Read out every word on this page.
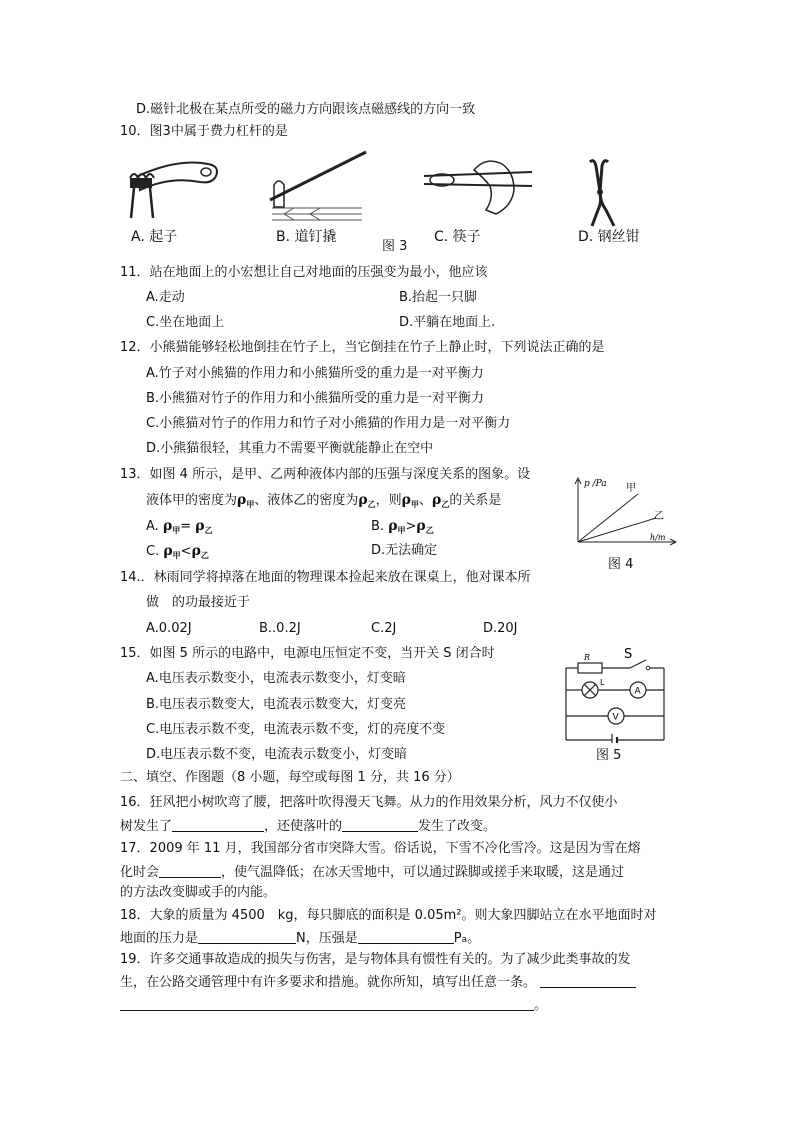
D.磁针北极在某点所受的磁力方向跟该点磁感线的方向一致
10．图3中属于费力杠杆的是
A. 起子	B. 道钉撬
图 3
C. 筷子	D. 钢丝钳
11．站在地面上的小宏想让自己对地面的压强变为最小，他应该
A.走动	B.抬起一只脚
C.坐在地面上	D.平躺在地面上.
12．小熊猫能够轻松地倒挂在竹子上，当它倒挂在竹子上静止时，下列说法正确的是
A.竹子对小熊猫的作用力和小熊猫所受的重力是一对平衡力
B.小熊猫对竹子的作用力和小熊猫所受的重力是一对平衡力
C.小熊猫对竹子的作用力和竹子对小熊猫的作用力是一对平衡力
D.小熊猫很轻，其重力不需要平衡就能静止在空中
13．如图 4 所示，是甲、乙两种液体内部的压强与深度关系的图象。设
液体甲的密度为$\rho_甲$、液体乙的密度为$\rho_乙$，则$\rho_甲$、$\rho_乙$的关系是
A. $\rho_甲= \rho_乙$	B. $\rho_甲>\rho_乙$
C. $\rho_甲<\rho_乙$	D.无法确定
p /Pa 甲
乙
h/m
图 4
14.．林雨同学将掉落在地面的物理课本捡起来放在课桌上，他对课本所
做　的功最接近于
A.0.02J	B..0.2J	C.2J	D.20J
15．如图 5 所示的电路中，电源电压恒定不变，当开关 S 闭合时
A.电压表示数变小，电流表示数变小，灯变暗
B.电压表示数变大，电流表示数变大，灯变亮
C.电压表示数不变，电流表示数不变，灯的亮度不变
D.电压表示数不变，电流表示数变小，灯变暗
R	S
L
A
V
图 5
二、填空、作图题（8 小题，每空或每图 1 分，共 16 分）
16．狂风把小树吹弯了腰，把落叶吹得漫天飞舞。从力的作用效果分析，风力不仅使小
树发生了	，还使落叶的	发生了改变。
17．2009 年 11 月，我国部分省市突降大雪。俗话说，下雪不冷化雪冷。这是因为雪在熔
化时会	，使气温降低；在冰天雪地中，可以通过跺脚或搓手来取暖，这是通过
的方法改变脚或手的内能。
18．大象的质量为 4500　kg，每只脚底的面积是 0.05m²。则大象四脚站立在水平地面时对
地面的压力是	N，压强是	Pa。
19．许多交通事故造成的损失与伤害，是与物体具有惯性有关的。为了减少此类事故的发
生，在公路交通管理中有许多要求和措施。就你所知，填写出任意一条。
。
